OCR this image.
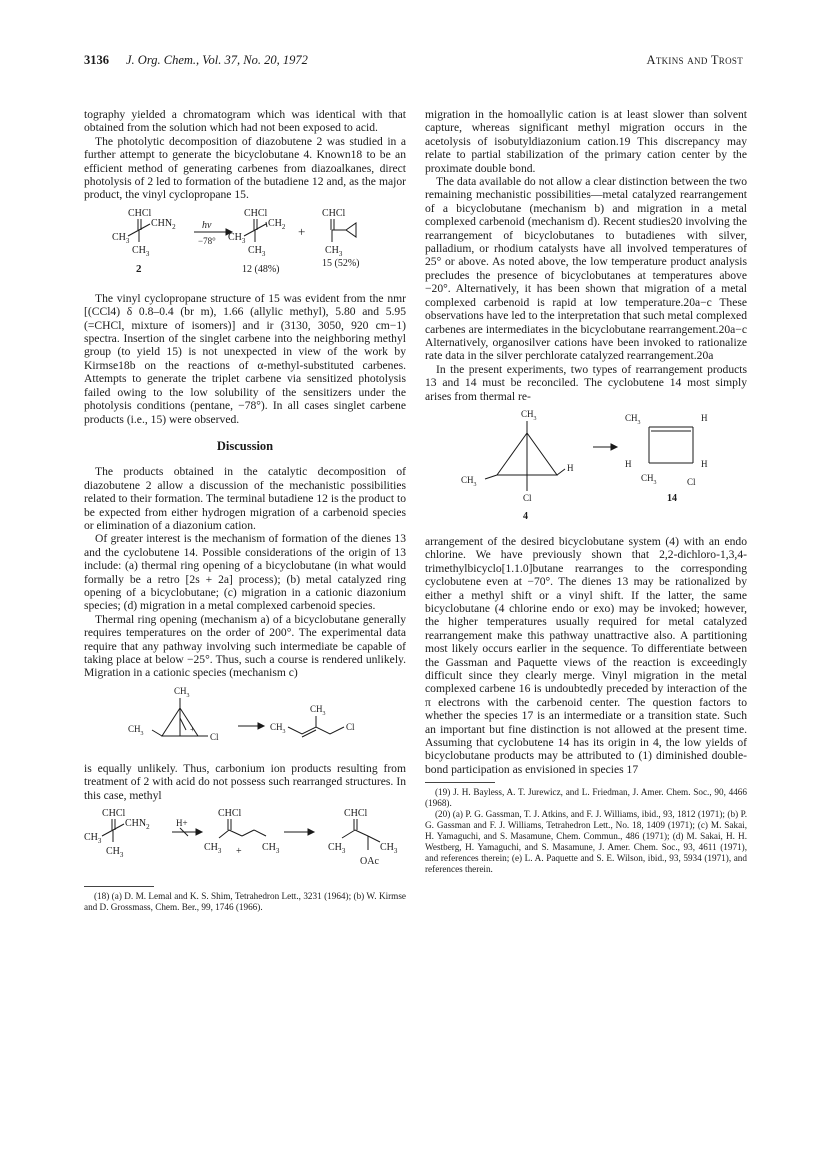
3136 J. Org. Chem., Vol. 37, No. 20, 1972	Atkins and Trost

tography yielded a chromatogram which was identical with that obtained from the solution which had not been exposed to acid.

The photolytic decomposition of diazobutene 2 was studied in a further attempt to generate the bicyclobutane 4. Known18 to be an efficient method of generating carbenes from diazoalkanes, direct photolysis of 2 led to formation of the butadiene 12 and, as the major product, the vinyl cyclopropane 15.

CHCl
$CHN_2$
$CH_3$
$CH_3$
2
hν
−78°
CHCl
$CH_2$
$CH_3$
$CH_3$
12 (48%)
+
CHCl
$CH_3$
15 (52%)

The vinyl cyclopropane structure of 15 was evident from the nmr [(CCl4) δ 0.8–0.4 (br m), 1.66 (allylic methyl), 5.80 and 5.95 (=CHCl, mixture of isomers)] and ir (3130, 3050, 920 cm−1) spectra. Insertion of the singlet carbene into the neighboring methyl group (to yield 15) is not unexpected in view of the work by Kirmse18b on the reactions of α-methyl-substituted carbenes. Attempts to generate the triplet carbene via sensitized photolysis failed owing to the low solubility of the sensitizers under the photolysis conditions (pentane, −78°). In all cases singlet carbene products (i.e., 15) were observed.

Discussion

The products obtained in the catalytic decomposition of diazobutene 2 allow a discussion of the mechanistic possibilities related to their formation. The terminal butadiene 12 is the product to be expected from either hydrogen migration of a carbenoid species or elimination of a diazonium cation.

Of greater interest is the mechanism of formation of the dienes 13 and the cyclobutene 14. Possible considerations of the origin of 13 include: (a) thermal ring opening of a bicyclobutane (in what would formally be a retro [2s + 2a] process); (b) metal catalyzed ring opening of a bicyclobutane; (c) migration in a cationic diazonium species; (d) migration in a metal complexed carbenoid species.

Thermal ring opening (mechanism a) of a bicyclobutane generally requires temperatures on the order of 200°. The experimental data require that any pathway involving such intermediate be capable of taking place at below −25°. Thus, such a course is rendered unlikely. Migration in a cationic species (mechanism c)

$CH_3$
+
$CH_3$	Cl
$CH_3$
$CH_3$
Cl

is equally unlikely. Thus, carbonium ion products resulting from treatment of 2 with acid do not possess such rearranged structures. In this case, methyl

CHCl
$CHN_2$
$CH_3$
$CH_3$
H+
CHCl
$CH_3 + CH_3$
CHCl
$CH_3$	$CH_3$
OAc

(18) (a) D. M. Lemal and K. S. Shim, Tetrahedron Lett., 3231 (1964); (b) W. Kirmse and D. Grossmass, Chem. Ber., 99, 1746 (1966).

migration in the homoallylic cation is at least slower than solvent capture, whereas significant methyl migration occurs in the acetolysis of isobutyldiazonium cation.19 This discrepancy may relate to partial stabilization of the primary cation center by the proximate double bond.

The data available do not allow a clear distinction between the two remaining mechanistic possibilities—metal catalyzed rearrangement of a bicyclobutane (mechanism b) and migration in a metal complexed carbenoid (mechanism d). Recent studies20 involving the rearrangement of bicyclobutanes to butadienes with silver, palladium, or rhodium catalysts have all involved temperatures of 25° or above. As noted above, the low temperature product analysis precludes the presence of bicyclobutanes at temperatures above −20°. Alternatively, it has been shown that migration of a metal complexed carbenoid is rapid at low temperature.20a−c These observations have led to the interpretation that such metal complexed carbenes are intermediates in the bicyclobutane rearrangement.20a−c Alternatively, organosilver cations have been invoked to rationalize rate data in the silver perchlorate catalyzed rearrangement.20a

In the present experiments, two types of rearrangement products 13 and 14 must be reconciled. The cyclobutene 14 most simply arises from thermal re-

$CH_3$
$CH_3$
H
Cl
4
$CH_3$	H
H	H
$CH_3$	Cl
14

arrangement of the desired bicyclobutane system (4) with an endo chlorine. We have previously shown that 2,2-dichloro-1,3,4-trimethylbicyclo[1.1.0]butane rearranges to the corresponding cyclobutene even at −70°. The dienes 13 may be rationalized by either a methyl shift or a vinyl shift. If the latter, the same bicyclobutane (4 chlorine endo or exo) may be invoked; however, the higher temperatures usually required for metal catalyzed rearrangement make this pathway unattractive also. A partitioning most likely occurs earlier in the sequence. To differentiate between the Gassman and Paquette views of the reaction is exceedingly difficult since they clearly merge. Vinyl migration in the metal complexed carbene 16 is undoubtedly preceded by interaction of the π electrons with the carbenoid center. The question factors to whether the species 17 is an intermediate or a transition state. Such an important but fine distinction is not allowed at the present time. Assuming that cyclobutene 14 has its origin in 4, the low yields of bicyclobutane products may be attributed to (1) diminished double-bond participation as envisioned in species 17

(19) J. H. Bayless, A. T. Jurewicz, and L. Friedman, J. Amer. Chem. Soc., 90, 4466 (1968).

(20) (a) P. G. Gassman, T. J. Atkins, and F. J. Williams, ibid., 93, 1812 (1971); (b) P. G. Gassman and F. J. Williams, Tetrahedron Lett., No. 18, 1409 (1971); (c) M. Sakai, H. Yamaguchi, and S. Masamune, Chem. Commun., 486 (1971); (d) M. Sakai, H. H. Westberg, H. Yamaguchi, and S. Masamune, J. Amer. Chem. Soc., 93, 4611 (1971), and references therein; (e) L. A. Paquette and S. E. Wilson, ibid., 93, 5934 (1971), and references therein.
